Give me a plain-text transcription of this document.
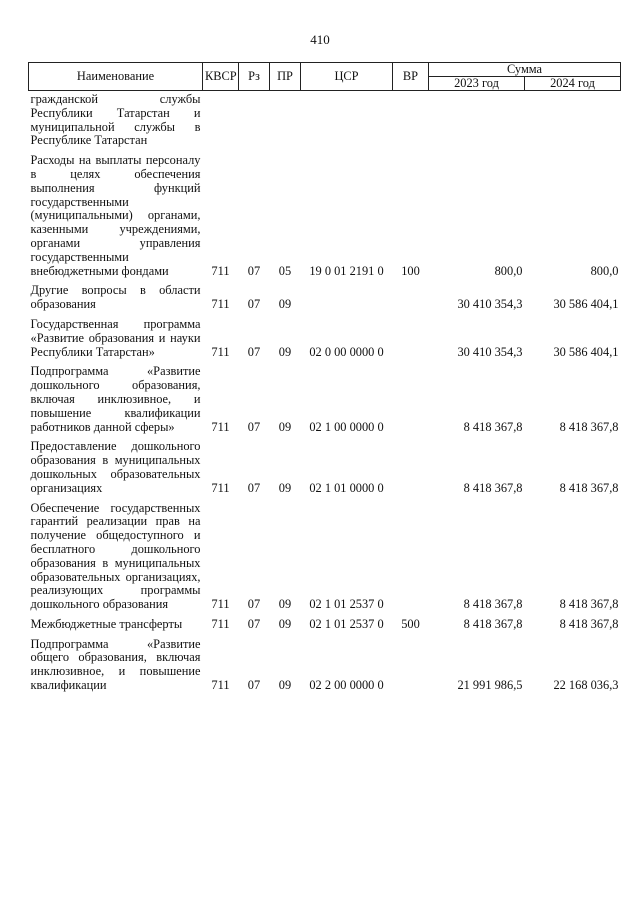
410
Наименование	КВСР	Рз	ПР	ЦСР	ВР	Сумма	
						2023 год	2024 год
гражданской службы Республики Татарстан и муниципальной службы в Республике Татарстан							
Расходы на выплаты персоналу в целях обеспечения выполнения функций государственными (муниципальными) органами, казенными учреждениями, органами управления государственными внебюджетными фондами	711	07	05	19 0 01 2191 0	100	800,0	800,0
Другие вопросы в области образования	711	07	09			30 410 354,3	30 586 404,1
Государственная программа «Развитие образования и науки Республики Татарстан»	711	07	09	02 0 00 0000 0		30 410 354,3	30 586 404,1
Подпрограмма «Развитие дошкольного образования, включая инклюзивное, и повышение квалификации работников данной сферы»	711	07	09	02 1 00 0000 0		8 418 367,8	8 418 367,8
Предоставление дошкольного образования в муниципальных дошкольных образовательных организациях	711	07	09	02 1 01 0000 0		8 418 367,8	8 418 367,8
Обеспечение государственных гарантий реализации прав на получение общедоступного и бесплатного дошкольного образования в муниципальных образовательных организациях, реализующих программы дошкольного образования	711	07	09	02 1 01 2537 0		8 418 367,8	8 418 367,8
Межбюджетные трансферты	711	07	09	02 1 01 2537 0	500	8 418 367,8	8 418 367,8
Подпрограмма «Развитие общего образования, включая инклюзивное, и повышение квалификации	711	07	09	02 2 00 0000 0		21 991 986,5	22 168 036,3
